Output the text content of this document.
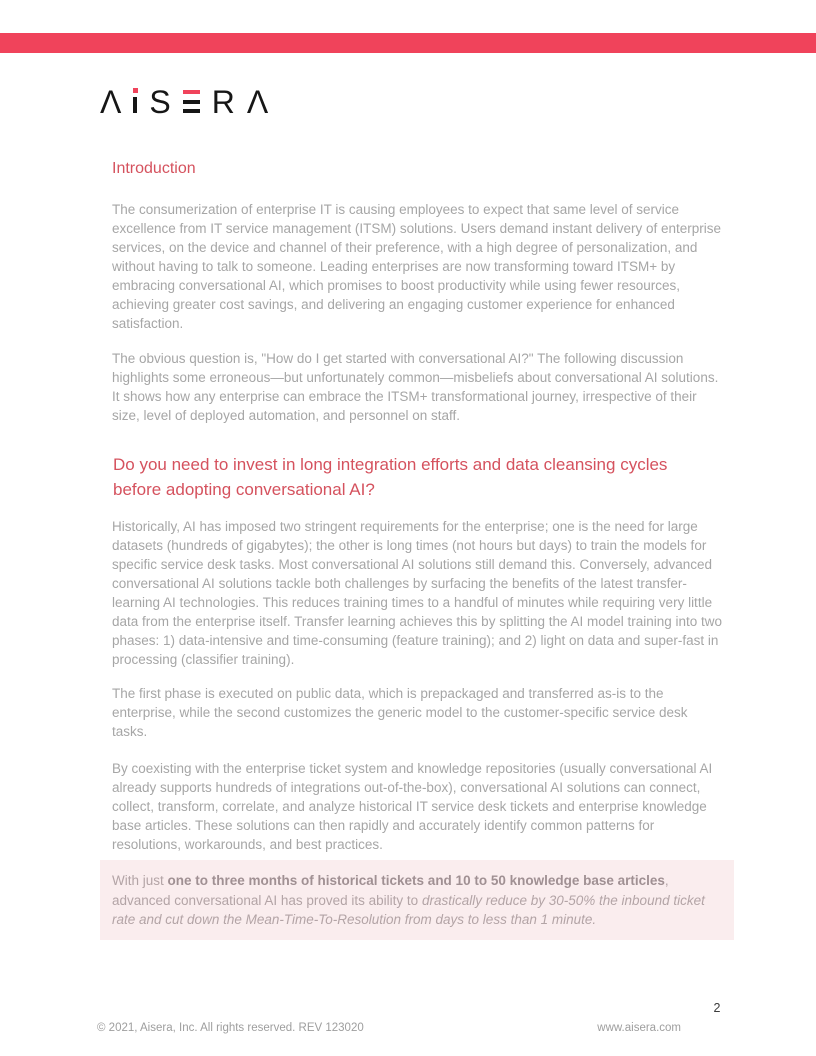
Λ S R Λ
Introduction
The consumerization of enterprise IT is causing employees to expect that same level of service excellence from IT service management (ITSM) solutions. Users demand instant delivery of enterprise services, on the device and channel of their preference, with a high degree of personalization, and without having to talk to someone. Leading enterprises are now transforming toward ITSM+ by embracing conversational AI, which promises to boost productivity while using fewer resources, achieving greater cost savings, and delivering an engaging customer experience for enhanced satisfaction.
The obvious question is, "How do I get started with conversational AI?" The following discussion highlights some erroneous—but unfortunately common—misbeliefs about conversational AI solutions. It shows how any enterprise can embrace the ITSM+ transformational journey, irrespective of their size, level of deployed automation, and personnel on staff.
Do you need to invest in long integration efforts and data cleansing cycles before adopting conversational AI?
Historically, AI has imposed two stringent requirements for the enterprise; one is the need for large datasets (hundreds of gigabytes); the other is long times (not hours but days) to train the models for specific service desk tasks. Most conversational AI solutions still demand this. Conversely, advanced conversational AI solutions tackle both challenges by surfacing the benefits of the latest transfer-learning AI technologies. This reduces training times to a handful of minutes while requiring very little data from the enterprise itself. Transfer learning achieves this by splitting the AI model training into two phases: 1) data-intensive and time-consuming (feature training); and 2) light on data and super-fast in processing (classifier training).
The first phase is executed on public data, which is prepackaged and transferred as-is to the enterprise, while the second customizes the generic model to the customer-specific service desk tasks.
By coexisting with the enterprise ticket system and knowledge repositories (usually conversational AI already supports hundreds of integrations out-of-the-box), conversational AI solutions can connect, collect, transform, correlate, and analyze historical IT service desk tickets and enterprise knowledge base articles. These solutions can then rapidly and accurately identify common patterns for resolutions, workarounds, and best practices.
With just one to three months of historical tickets and 10 to 50 knowledge base articles, advanced conversational AI has proved its ability to drastically reduce by 30-50% the inbound ticket rate and cut down the Mean-Time-To-Resolution from days to less than 1 minute.
2
© 2021, Aisera, Inc. All rights reserved. REV 123020	www.aisera.com
